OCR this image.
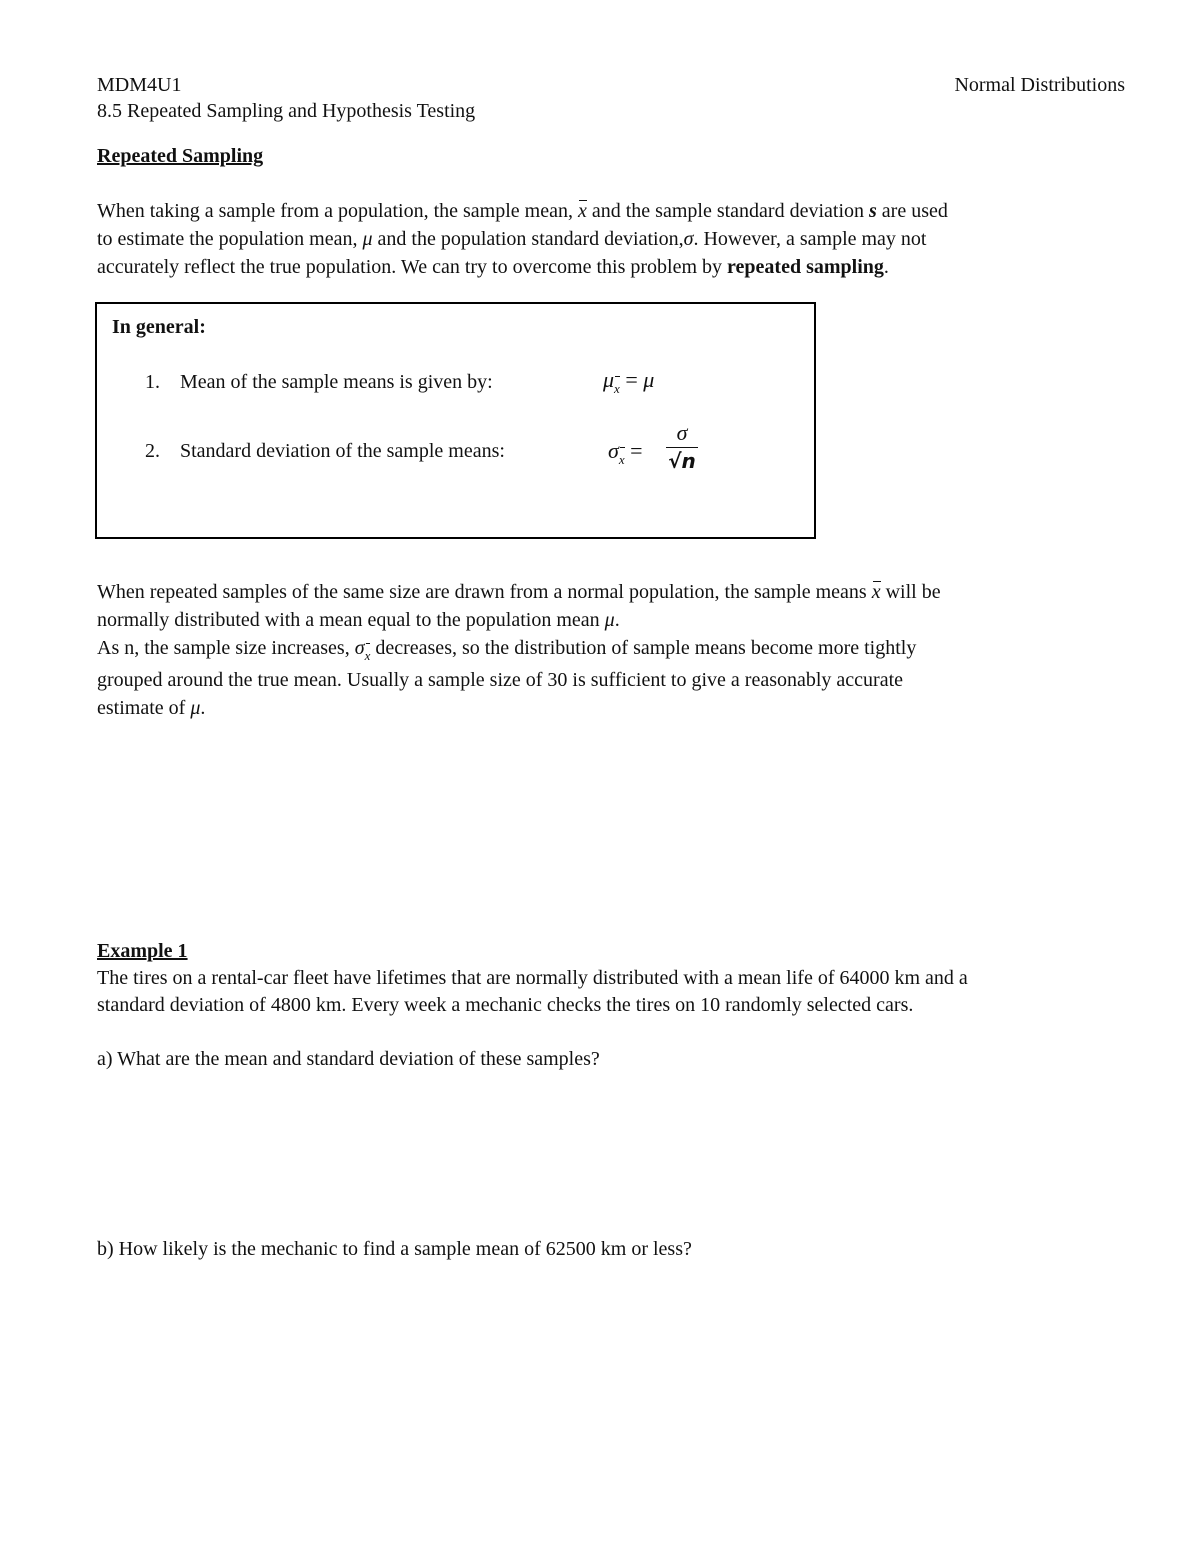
MDM4U1	Normal Distributions
8.5 Repeated Sampling and Hypothesis Testing
Repeated Sampling
When taking a sample from a population, the sample mean, x and the sample standard deviation s are used
to estimate the population mean, μ and the population standard deviation,σ. However, a sample may not
accurately reflect the true population. We can try to overcome this problem by repeated sampling.
In general:
1. Mean of the sample means is given by:	μx = μ
2. Standard deviation of the sample means:	σx =
σ
√n
When repeated samples of the same size are drawn from a normal population, the sample means x will be
normally distributed with a mean equal to the population mean μ.
As n, the sample size increases, σx decreases, so the distribution of sample means become more tightly
grouped around the true mean. Usually a sample size of 30 is sufficient to give a reasonably accurate
estimate of μ.
Example 1
The tires on a rental-car fleet have lifetimes that are normally distributed with a mean life of 64000 km and a
standard deviation of 4800 km. Every week a mechanic checks the tires on 10 randomly selected cars.
a) What are the mean and standard deviation of these samples?
b) How likely is the mechanic to find a sample mean of 62500 km or less?
